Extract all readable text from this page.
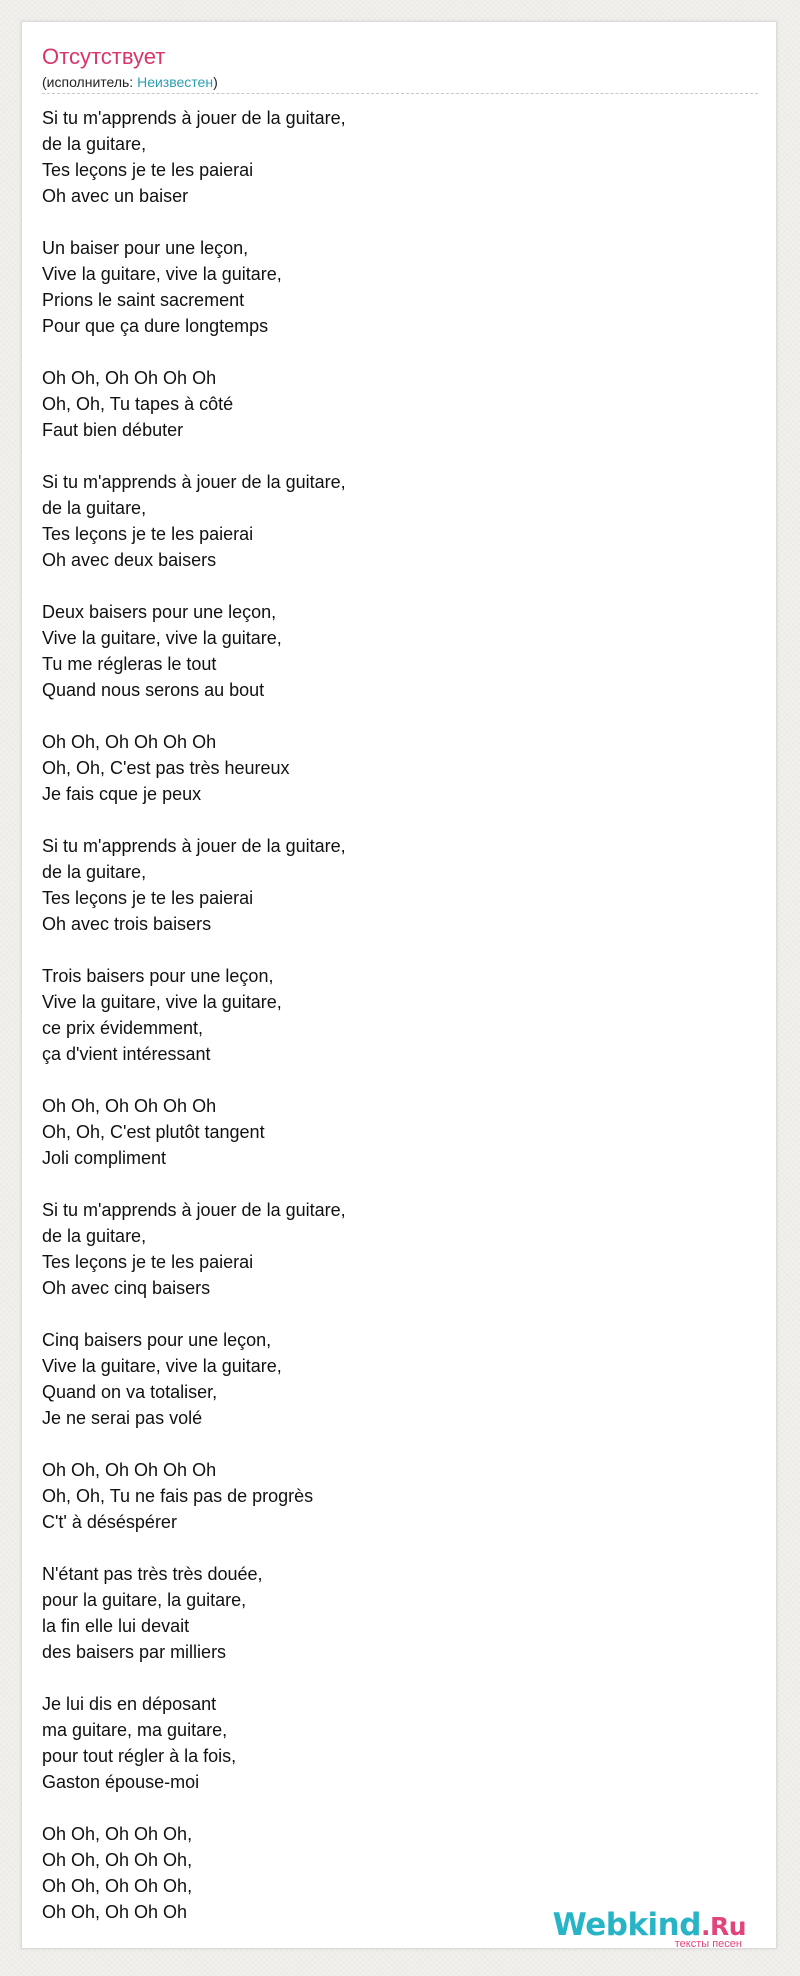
Отсутствует
(исполнитель: Неизвестен)
Si tu m'apprends à jouer de la guitare,
de la guitare,
Tes leçons je te les paierai
Oh avec un baiser
Un baiser pour une leçon,
Vive la guitare, vive la guitare,
Prions le saint sacrement
Pour que ça dure longtemps
Oh Oh, Oh Oh Oh Oh
Oh, Oh, Tu tapes à côté
Faut bien débuter
Si tu m'apprends à jouer de la guitare,
de la guitare,
Tes leçons je te les paierai
Oh avec deux baisers
Deux baisers pour une leçon,
Vive la guitare, vive la guitare,
Tu me régleras le tout
Quand nous serons au bout
Oh Oh, Oh Oh Oh Oh
Oh, Oh, C'est pas très heureux
Je fais cque je peux
Si tu m'apprends à jouer de la guitare,
de la guitare,
Tes leçons je te les paierai
Oh avec trois baisers
Trois baisers pour une leçon,
Vive la guitare, vive la guitare,
ce prix évidemment,
ça d'vient intéressant
Oh Oh, Oh Oh Oh Oh
Oh, Oh, C'est plutôt tangent
Joli compliment
Si tu m'apprends à jouer de la guitare,
de la guitare,
Tes leçons je te les paierai
Oh avec cinq baisers
Cinq baisers pour une leçon,
Vive la guitare, vive la guitare,
Quand on va totaliser,
Je ne serai pas volé
Oh Oh, Oh Oh Oh Oh
Oh, Oh, Tu ne fais pas de progrès
C't' à déséspérer
N'étant pas très très douée,
pour la guitare, la guitare,
la fin elle lui devait
des baisers par milliers
Je lui dis en déposant
ma guitare, ma guitare,
pour tout régler à la fois,
Gaston épouse-moi
Oh Oh, Oh Oh Oh,
Oh Oh, Oh Oh Oh,
Oh Oh, Oh Oh Oh,
Oh Oh, Oh Oh Oh	Webkind.Ru
тексты песен
